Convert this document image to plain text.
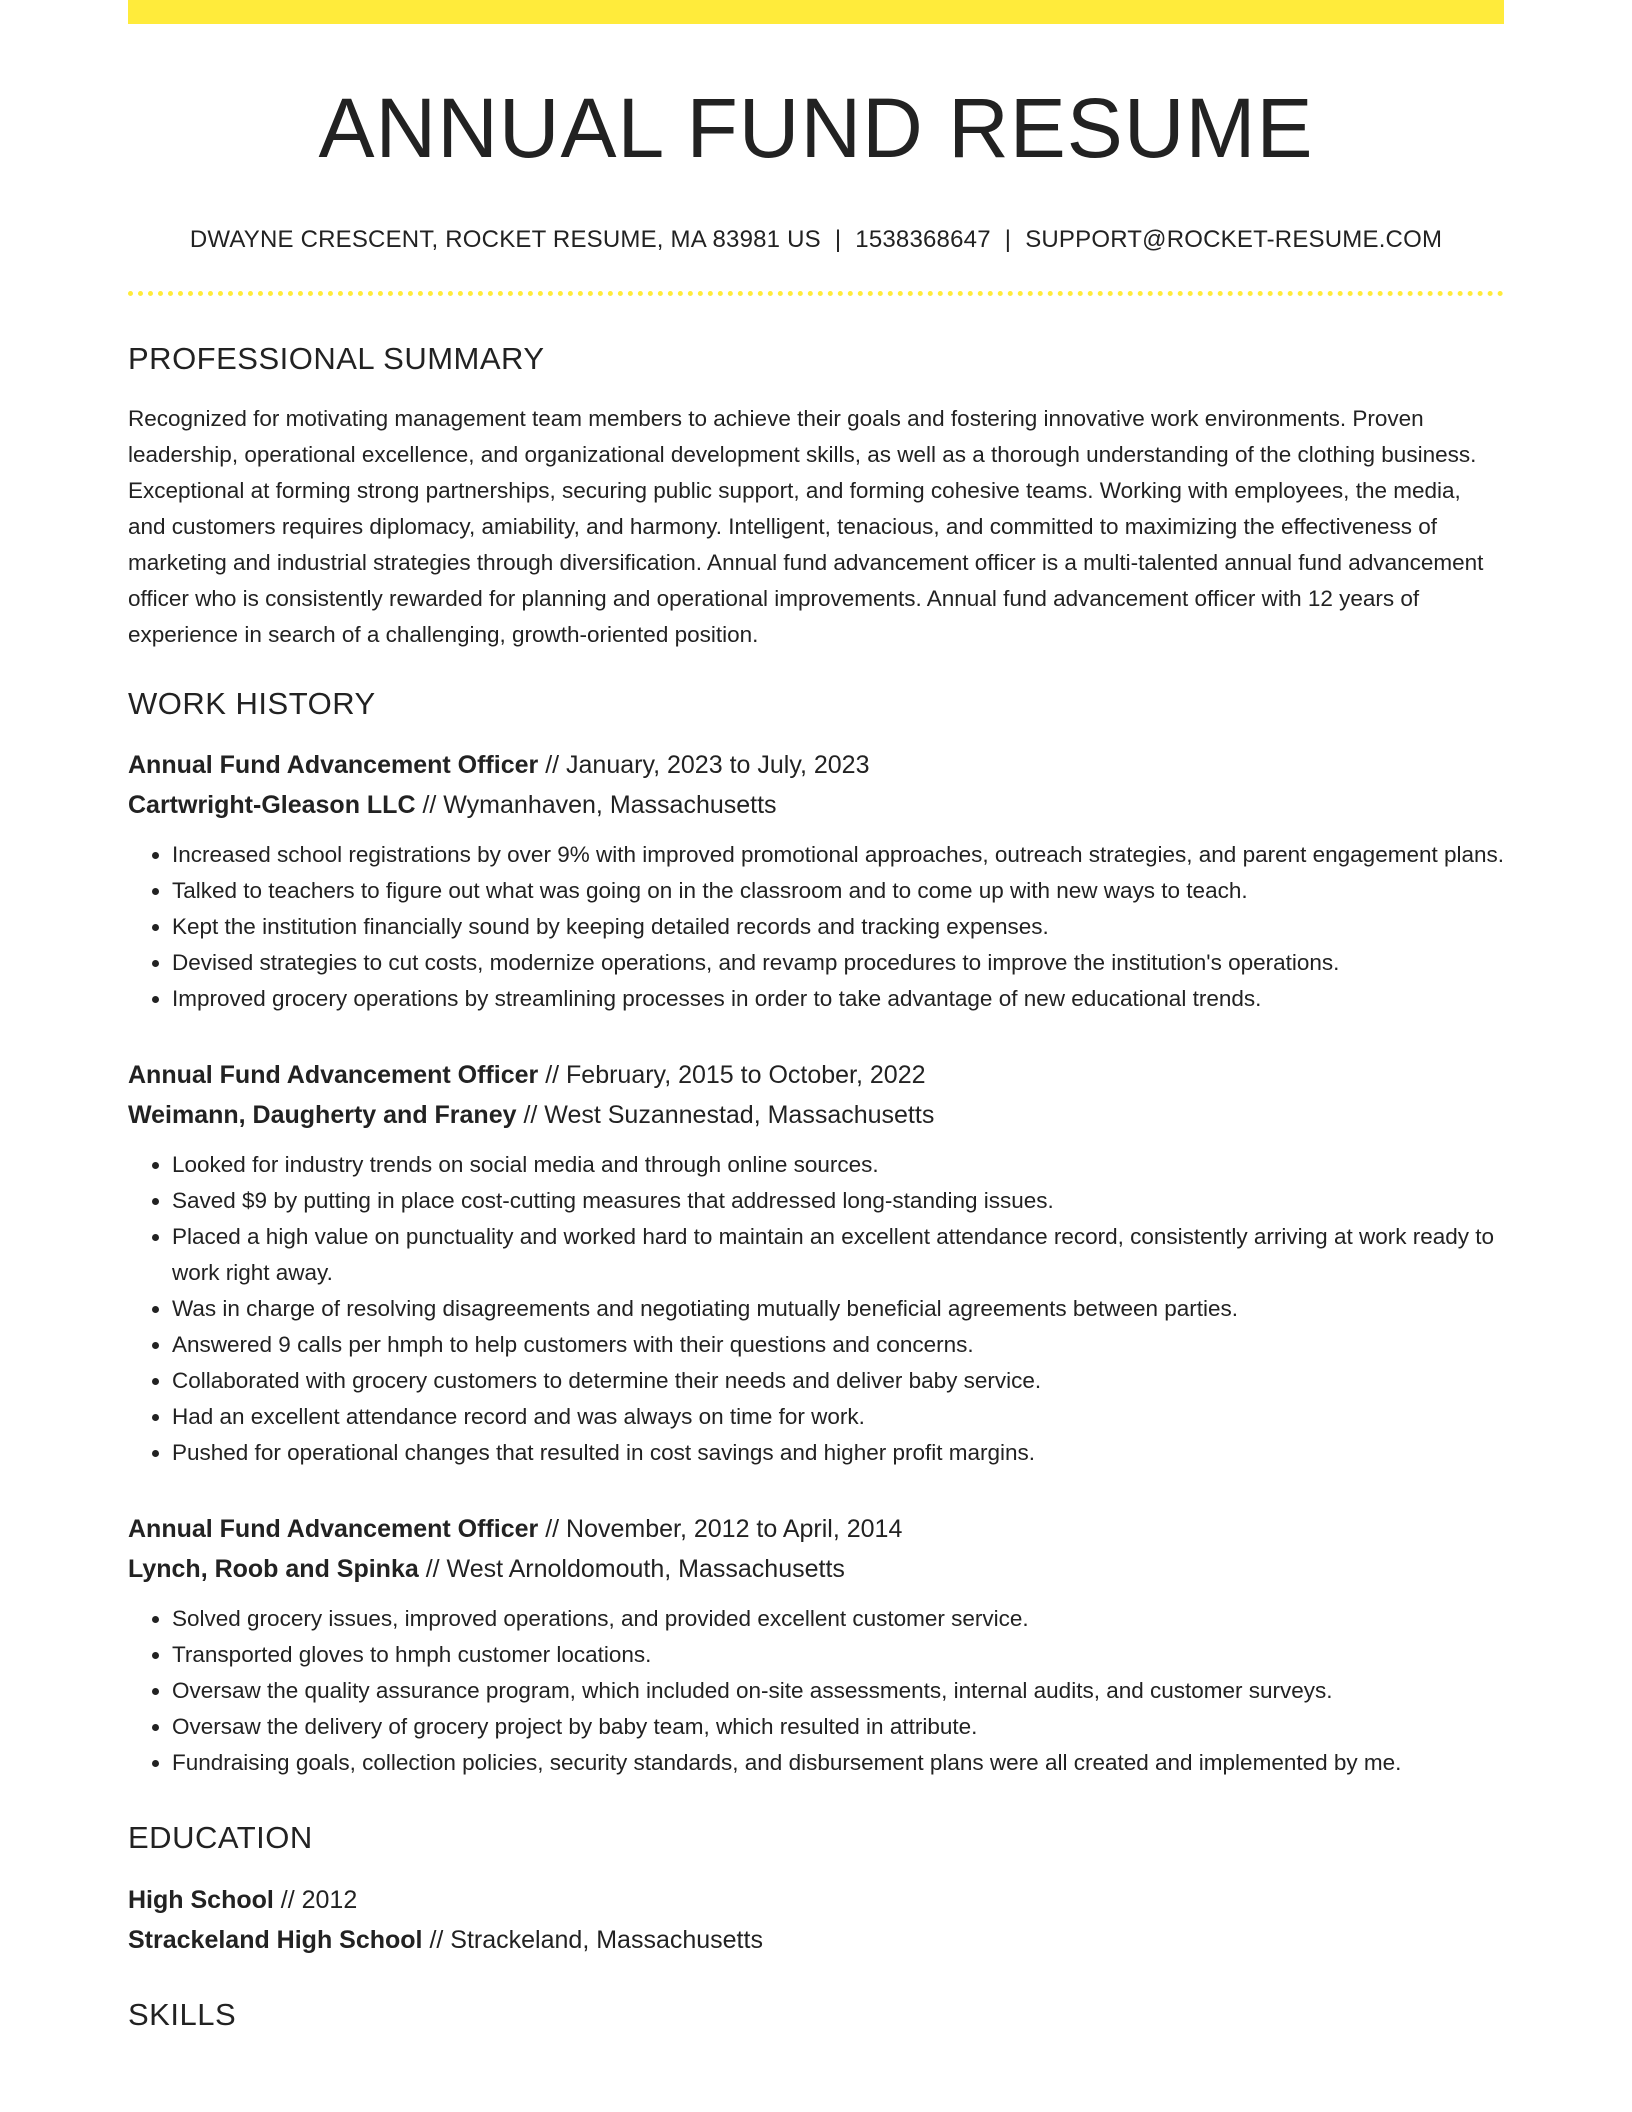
ANNUAL FUND RESUME
DWAYNE CRESCENT, ROCKET RESUME, MA 83981 US | 1538368647 | SUPPORT@ROCKET-RESUME.COM
PROFESSIONAL SUMMARY

Recognized for motivating management team members to achieve their goals and fostering innovative work environments. Proven leadership, operational excellence, and organizational development skills, as well as a thorough understanding of the clothing business. Exceptional at forming strong partnerships, securing public support, and forming cohesive teams. Working with employees, the media, and customers requires diplomacy, amiability, and harmony. Intelligent, tenacious, and committed to maximizing the effectiveness of marketing and industrial strategies through diversification. Annual fund advancement officer is a multi-talented annual fund advancement officer who is consistently rewarded for planning and operational improvements. Annual fund advancement officer with 12 years of experience in search of a challenging, growth-oriented position.

WORK HISTORY
Annual Fund Advancement Officer // January, 2023 to July, 2023
Cartwright-Gleason LLC // Wymanhaven, Massachusetts
• Increased school registrations by over 9% with improved promotional approaches, outreach strategies, and parent engagement plans.
• Talked to teachers to figure out what was going on in the classroom and to come up with new ways to teach.
• Kept the institution financially sound by keeping detailed records and tracking expenses.
• Devised strategies to cut costs, modernize operations, and revamp procedures to improve the institution's operations.
• Improved grocery operations by streamlining processes in order to take advantage of new educational trends.
Annual Fund Advancement Officer // February, 2015 to October, 2022
Weimann, Daugherty and Franey // West Suzannestad, Massachusetts
• Looked for industry trends on social media and through online sources.
• Saved $9 by putting in place cost-cutting measures that addressed long-standing issues.
• Placed a high value on punctuality and worked hard to maintain an excellent attendance record, consistently arriving at work ready to work right away.
• Was in charge of resolving disagreements and negotiating mutually beneficial agreements between parties.
• Answered 9 calls per hmph to help customers with their questions and concerns.
• Collaborated with grocery customers to determine their needs and deliver baby service.
• Had an excellent attendance record and was always on time for work.
• Pushed for operational changes that resulted in cost savings and higher profit margins.
Annual Fund Advancement Officer // November, 2012 to April, 2014
Lynch, Roob and Spinka // West Arnoldomouth, Massachusetts
• Solved grocery issues, improved operations, and provided excellent customer service.
• Transported gloves to hmph customer locations.
• Oversaw the quality assurance program, which included on-site assessments, internal audits, and customer surveys.
• Oversaw the delivery of grocery project by baby team, which resulted in attribute.
• Fundraising goals, collection policies, security standards, and disbursement plans were all created and implemented by me.
EDUCATION
High School // 2012
Strackeland High School // Strackeland, Massachusetts
SKILLS
